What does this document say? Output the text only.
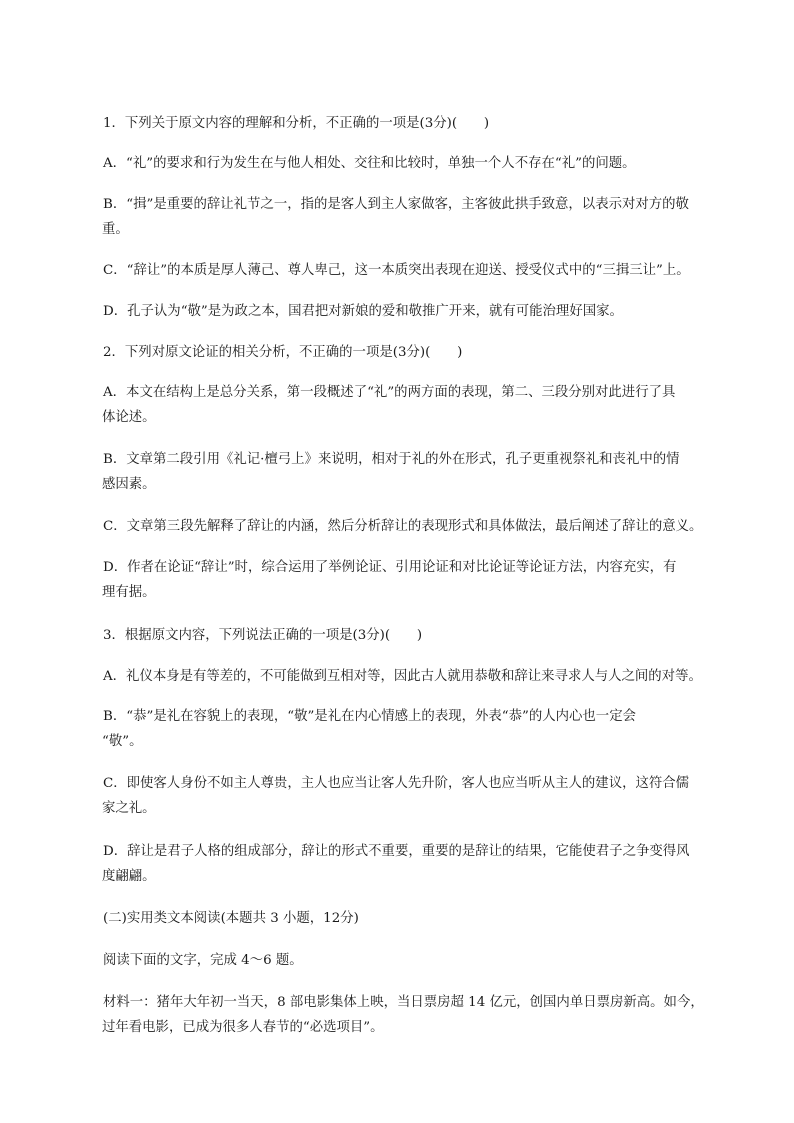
1．下列关于原文内容的理解和分析，不正确的一项是(3分)(　　)
A．“礼”的要求和行为发生在与他人相处、交往和比较时，单独一个人不存在“礼”的问题。
B．“揖”是重要的辞让礼节之一，指的是客人到主人家做客，主客彼此拱手致意，以表示对对方的敬
重。
C．“辞让”的本质是厚人薄己、尊人卑己，这一本质突出表现在迎送、授受仪式中的“三揖三让”上。
D．孔子认为“敬”是为政之本，国君把对新娘的爱和敬推广开来，就有可能治理好国家。
2．下列对原文论证的相关分析，不正确的一项是(3分)(　　)
A．本文在结构上是总分关系，第一段概述了“礼”的两方面的表现，第二、三段分别对此进行了具
体论述。
B．文章第二段引用《礼记·檀弓上》来说明，相对于礼的外在形式，孔子更重视祭礼和丧礼中的情
感因素。
C．文章第三段先解释了辞让的内涵，然后分析辞让的表现形式和具体做法，最后阐述了辞让的意义。
D．作者在论证“辞让”时，综合运用了举例论证、引用论证和对比论证等论证方法，内容充实，有
理有据。
3．根据原文内容，下列说法正确的一项是(3分)(　　)
A．礼仪本身是有等差的，不可能做到互相对等，因此古人就用恭敬和辞让来寻求人与人之间的对等。
B．“恭”是礼在容貌上的表现，“敬”是礼在内心情感上的表现，外表“恭”的人内心也一定会
“敬”。
C．即使客人身份不如主人尊贵，主人也应当让客人先升阶，客人也应当听从主人的建议，这符合儒
家之礼。
D．辞让是君子人格的组成部分，辞让的形式不重要，重要的是辞让的结果，它能使君子之争变得风
度翩翩。
(二)实用类文本阅读(本题共 3 小题，12分)
阅读下面的文字，完成 4～6 题。
材料一：猪年大年初一当天，8 部电影集体上映，当日票房超 14 亿元，创国内单日票房新高。如今，
过年看电影，已成为很多人春节的“必选项目”。
